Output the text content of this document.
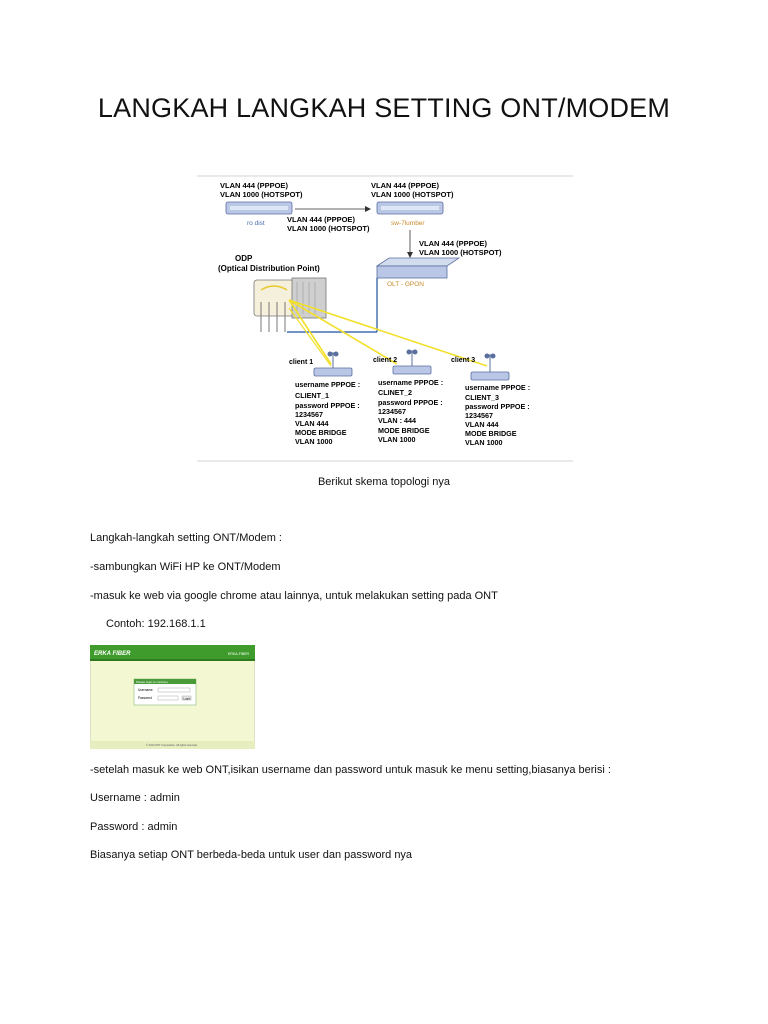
LANGKAH LANGKAH SETTING ONT/MODEM
VLAN 444 (PPPOE)
VLAN 1000 (HOTSPOT)
ro dist	VLAN 444 (PPPOE)
VLAN 1000 (HOTSPOT)
VLAN 444 (PPPOE)
VLAN 1000 (HOTSPOT)
sw-7lumber
VLAN 444 (PPPOE)
VLAN 1000 (HOTSPOT)
OLT - GPON
ODP
(Optical Distribution Point)
client 1	client 2	client 3
username PPPOE :
CLIENT_1
password PPPOE :
1234567
VLAN 444
MODE BRIDGE
VLAN 1000
username PPPOE :
CLINET_2
password PPPOE :
1234567
VLAN : 444
MODE BRIDGE
VLAN 1000
username PPPOE :
CLIENT_3
password PPPOE :
1234567
VLAN 444
MODE BRIDGE
VLAN 1000
Berikut skema topologi nya
Langkah-langkah setting ONT/Modem :
-sambungkan WiFi HP ke ONT/Modem
-masuk ke web via google chrome atau lainnya, untuk melakukan setting pada ONT
Contoh: 192.168.1.1
ERKA FIBER	ERKA-FIBER
Please login to continue
Username
Password	Login
© 2013 ONT Corporation. All rights reserved.
-setelah masuk ke web ONT,isikan username dan password untuk masuk ke menu setting,biasanya berisi :
Username : admin
Password : admin
Biasanya setiap ONT berbeda-beda untuk user dan password nya
